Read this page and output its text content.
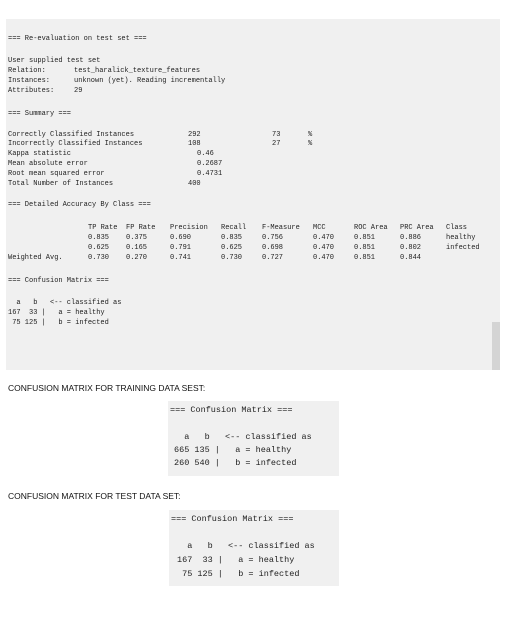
=== Re-evaluation on test set ===
User supplied test set
Relation:	test_haralick_texture_features
Instances:	unknown (yet). Reading incrementally
Attributes:	29
=== Summary ===
Correctly Classified Instances	292	73	%
Incorrectly Classified Instances	108	27	%
Kappa statistic	0.46
Mean absolute error	0.2687
Root mean squared error	0.4731
Total Number of Instances	400
=== Detailed Accuracy By Class ===
TP Rate FP Rate Precision Recall F-Measure MCC	ROC Area PRC Area Class
0.835 0.375	0.690	0.835	0.756	0.470	0.851	0.886	healthy
0.625 0.165	0.791	0.625	0.698	0.470	0.851	0.802	infected
Weighted Avg.	0.730 0.270	0.741	0.730	0.727	0.470	0.851	0.844
=== Confusion Matrix ===
a   b   <-- classified as
167  33 |   a = healthy
75 125 |   b = infected
CONFUSION MATRIX FOR TRAINING DATA SEST:
=== Confusion Matrix ===
a   b   <-- classified as
665 135 |   a = healthy
260 540 |   b = infected
CONFUSION MATRIX FOR TEST DATA SET:
=== Confusion Matrix ===
a   b   <-- classified as
167  33 |   a = healthy
75 125 |   b = infected
